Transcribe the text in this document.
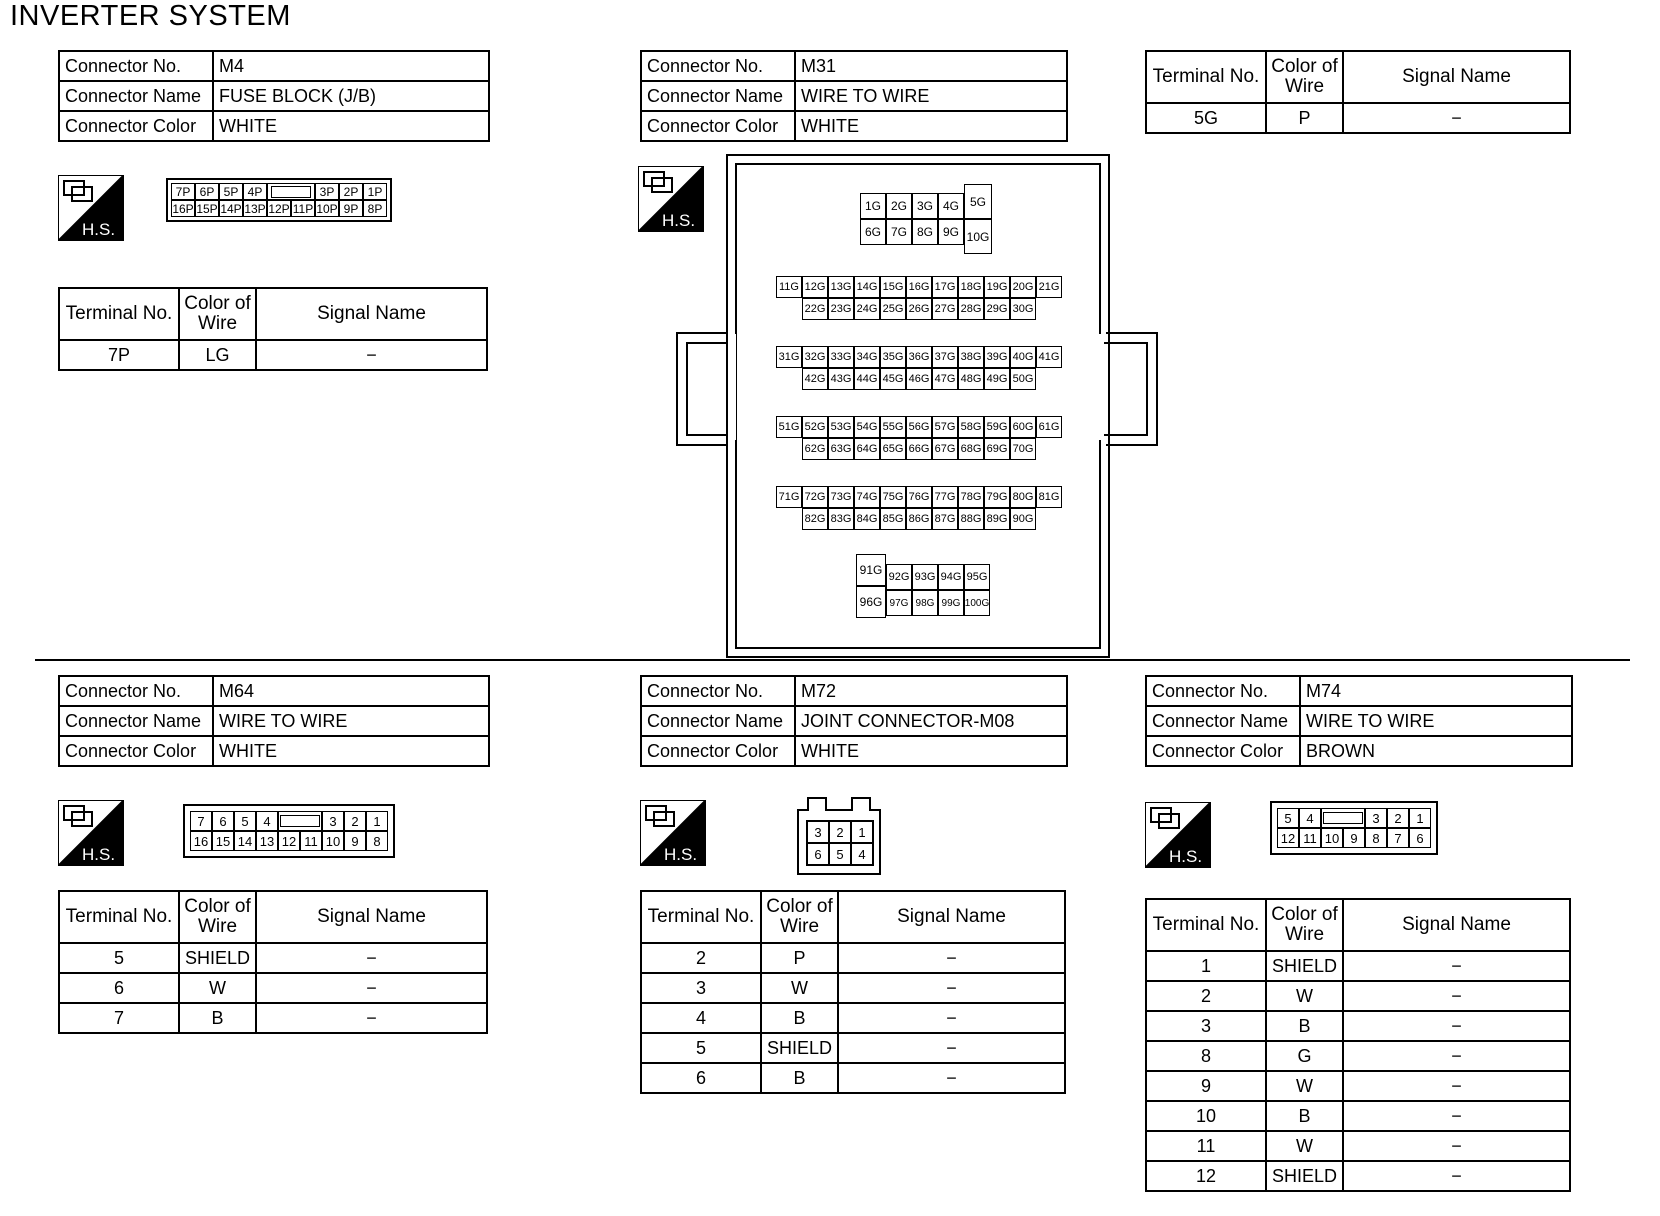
INVERTER SYSTEM
Connector No.	M4
Connector Name	FUSE BLOCK (J/B)
Connector Color	WHITE
H.S.
7P 6P 5P 4P	3P 2P 1P
16P 15P 14P 13P 12P 11P 10P 9P 8P
Terminal No.	Color of Wire	Signal Name
7P	LG	−
Connector No.	M31
Connector Name	WIRE TO WIRE
Connector Color	WHITE
H.S.
1G 2G 3G 4G
6G 7G 8G 9G
5G
10G
11G 12G 13G 14G 15G 16G 17G 18G 19G 20G 21G
22G 23G 24G 25G 26G 27G 28G 29G 30G
31G 32G 33G 34G 35G 36G 37G 38G 39G 40G 41G
42G 43G 44G 45G 46G 47G 48G 49G 50G
51G 52G 53G 54G 55G 56G 57G 58G 59G 60G 61G
62G 63G 64G 65G 66G 67G 68G 69G 70G
71G 72G 73G 74G 75G 76G 77G 78G 79G 80G 81G
82G 83G 84G 85G 86G 87G 88G 89G 90G
91G
96G
92G 93G 94G 95G
97G 98G 99G 100G
Terminal No.	Color of Wire	Signal Name
5G	P	−
Connector No.	M64
Connector Name	WIRE TO WIRE
Connector Color	WHITE
H.S.
7	6	5	4	3	2	1
16 15 14 13 12 11 10 9	8
Terminal No.	Color of Wire	Signal Name
5	SHIELD	−
6	W	−
7	B	−
Connector No.	M72
Connector Name	JOINT CONNECTOR-M08
Connector Color	WHITE
H.S.
3	2	1
6	5	4
Terminal No.	Color of Wire	Signal Name
2	P	−
3	W	−
4	B	−
5	SHIELD	−
6	B	−
Connector No.	M74
Connector Name	WIRE TO WIRE
Connector Color	BROWN
H.S.
5	4	3	2	1
12 11 10 9	8	7	6
Terminal No.	Color of Wire	Signal Name
1	SHIELD	−
2	W	−
3	B	−
8	G	−
9	W	−
10	B	−
11	W	−
12	SHIELD	−
